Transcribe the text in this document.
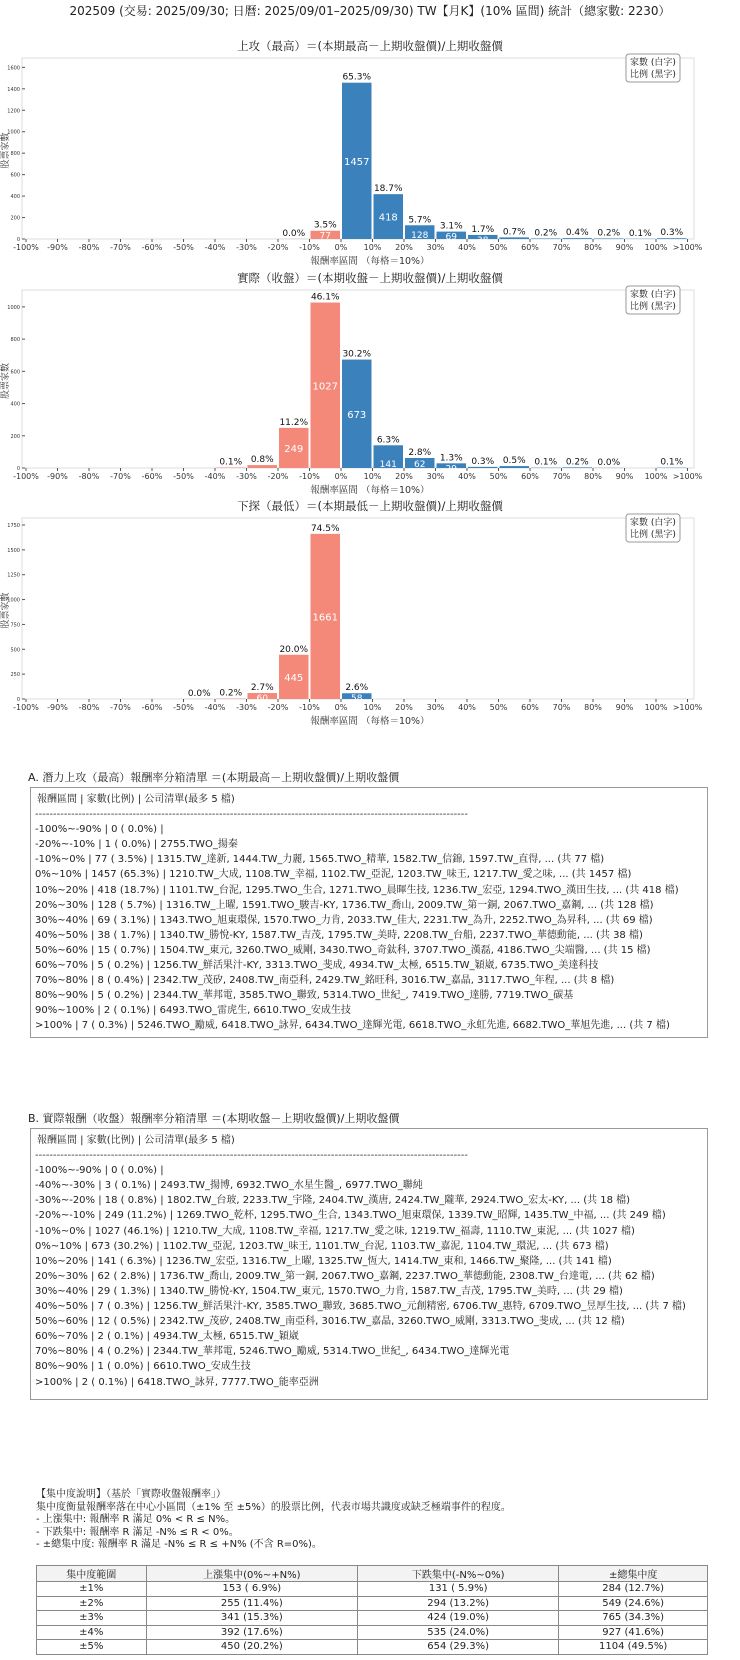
202509 (交易: 2025/09/30; 日曆: 2025/09/01–2025/09/30) TW【月K】(10% 區間) 統計（總家數: 2230）
上攻（最高）＝(本期最高－上期收盤價)/上期收盤價
0
200
400
600
800
1000
1200
1400
1600
股票家數
0.0%
3.5%
77
65.3%
1457
18.7%
418 5.7%
128
3.1%
69
1.7%
38
0.7% 0.2% 0.4% 0.2% 0.1% 0.3%
-100% -90% -80% -70% -60% -50% -40% -30% -20% -10% 0% 10% 20% 30% 40% 50% 60% 70% 80% 90% 100% >100%
報酬率區間 （每格＝10%）
家數 (白字)
比例 (黑字)
實際（收盤）＝(本期收盤－上期收盤價)/上期收盤價
0
200
400
600
800
1000
股票家數
0.1% 0.8%
11.2%
249
46.1%
1027
30.2%
673
6.3%
141
2.8%
62
1.3%
29
0.3% 0.5% 0.1% 0.2% 0.0%	0.1%
-100% -90% -80% -70% -60% -50% -40% -30% -20% -10% 0% 10% 20% 30% 40% 50% 60% 70% 80% 90% 100% >100%
報酬率區間 （每格＝10%）
家數 (白字)
比例 (黑字)
下探（最低）＝(本期最低－上期收盤價)/上期收盤價
0
250
500
750
1000
1250
1500
1750
股票家數
0.0% 0.2%
2.7%
60
20.0%
445
74.5%
1661
2.6%
58
-100% -90% -80% -70% -60% -50% -40% -30% -20% -10% 0% 10% 20% 30% 40% 50% 60% 70% 80% 90% 100% >100%
報酬率區間 （每格＝10%）
家數 (白字)
比例 (黑字)
A. 潛力上攻（最高）報酬率分箱清單 ＝(本期最高－上期收盤價)/上期收盤價
報酬區間 | 家數(比例) | 公司清單(最多 5 檔)
------------------------------------------------------------------------------------------------------------------------
-100%~-90% | 0 ( 0.0%) |
-20%~-10% | 1 ( 0.0%) | 2755.TWO_揚秦
-10%~0% | 77 ( 3.5%) | 1315.TW_達新, 1444.TW_力麗, 1565.TWO_精華, 1582.TW_信錦, 1597.TW_直得, ... (共 77 檔)
0%~10% | 1457 (65.3%) | 1210.TW_大成, 1108.TW_幸福, 1102.TW_亞泥, 1203.TW_味王, 1217.TW_愛之味, ... (共 1457 檔)
10%~20% | 418 (18.7%) | 1101.TW_台泥, 1295.TWO_生合, 1271.TWO_晨暉生技, 1236.TW_宏亞, 1294.TWO_漢田生技, ... (共 418 檔)
20%~30% | 128 ( 5.7%) | 1316.TW_上曜, 1591.TWO_駿吉-KY, 1736.TW_喬山, 2009.TW_第一銅, 2067.TWO_嘉鋼, ... (共 128 檔)
30%~40% | 69 ( 3.1%) | 1343.TWO_旭東環保, 1570.TWO_力肯, 2033.TW_佳大, 2231.TW_為升, 2252.TWO_為昇科, ... (共 69 檔)
40%~50% | 38 ( 1.7%) | 1340.TW_勝悅-KY, 1587.TW_吉茂, 1795.TW_美時, 2208.TW_台船, 2237.TWO_華德動能, ... (共 38 檔)
50%~60% | 15 ( 0.7%) | 1504.TW_東元, 3260.TWO_威剛, 3430.TWO_奇鈦科, 3707.TWO_漢磊, 4186.TWO_尖端醫, ... (共 15 檔)
60%~70% | 5 ( 0.2%) | 1256.TW_鮮活果汁-KY, 3313.TWO_斐成, 4934.TW_太極, 6515.TW_穎崴, 6735.TWO_美達科技
70%~80% | 8 ( 0.4%) | 2342.TW_茂矽, 2408.TW_南亞科, 2429.TW_銘旺科, 3016.TW_嘉晶, 3117.TWO_年程, ... (共 8 檔)
80%~90% | 5 ( 0.2%) | 2344.TW_華邦電, 3585.TWO_聯致, 5314.TWO_世紀_, 7419.TWO_達勝, 7719.TWO_碳基
90%~100% | 2 ( 0.1%) | 6493.TWO_雷虎生, 6610.TWO_安成生技
>100% | 7 ( 0.3%) | 5246.TWO_勵威, 6418.TWO_詠昇, 6434.TWO_達輝光電, 6618.TWO_永虹先進, 6682.TWO_華旭先進, ... (共 7 檔)
B. 實際報酬（收盤）報酬率分箱清單 ＝(本期收盤－上期收盤價)/上期收盤價
報酬區間 | 家數(比例) | 公司清單(最多 5 檔)
------------------------------------------------------------------------------------------------------------------------
-100%~-90% | 0 ( 0.0%) |
-40%~-30% | 3 ( 0.1%) | 2493.TW_揚博, 6932.TWO_水星生醫_, 6977.TWO_聯純
-30%~-20% | 18 ( 0.8%) | 1802.TW_台玻, 2233.TW_宇隆, 2404.TW_漢唐, 2424.TW_隴華, 2924.TWO_宏太-KY, ... (共 18 檔)
-20%~-10% | 249 (11.2%) | 1269.TWO_乾杯, 1295.TWO_生合, 1343.TWO_旭東環保, 1339.TW_昭輝, 1435.TW_中福, ... (共 249 檔)
-10%~0% | 1027 (46.1%) | 1210.TW_大成, 1108.TW_幸福, 1217.TW_愛之味, 1219.TW_福壽, 1110.TW_東泥, ... (共 1027 檔)
0%~10% | 673 (30.2%) | 1102.TW_亞泥, 1203.TW_味王, 1101.TW_台泥, 1103.TW_嘉泥, 1104.TW_環泥, ... (共 673 檔)
10%~20% | 141 ( 6.3%) | 1236.TW_宏亞, 1316.TW_上曜, 1325.TW_恆大, 1414.TW_東和, 1466.TW_聚隆, ... (共 141 檔)
20%~30% | 62 ( 2.8%) | 1736.TW_喬山, 2009.TW_第一銅, 2067.TWO_嘉鋼, 2237.TWO_華德動能, 2308.TW_台達電, ... (共 62 檔)
30%~40% | 29 ( 1.3%) | 1340.TW_勝悅-KY, 1504.TW_東元, 1570.TWO_力肯, 1587.TW_吉茂, 1795.TW_美時, ... (共 29 檔)
40%~50% | 7 ( 0.3%) | 1256.TW_鮮活果汁-KY, 3585.TWO_聯致, 3685.TWO_元創精密, 6706.TW_惠特, 6709.TWO_昱厚生技, ... (共 7 檔)
50%~60% | 12 ( 0.5%) | 2342.TW_茂矽, 2408.TW_南亞科, 3016.TW_嘉晶, 3260.TWO_威剛, 3313.TWO_斐成, ... (共 12 檔)
60%~70% | 2 ( 0.1%) | 4934.TW_太極, 6515.TW_穎崴
70%~80% | 4 ( 0.2%) | 2344.TW_華邦電, 5246.TWO_勵威, 5314.TWO_世紀_, 6434.TWO_達輝光電
80%~90% | 1 ( 0.0%) | 6610.TWO_安成生技
>100% | 2 ( 0.1%) | 6418.TWO_詠昇, 7777.TWO_能率亞洲
【集中度說明】（基於「實際收盤報酬率」）
集中度衡量報酬率落在中心小區間（±1% 至 ±5%）的股票比例，代表市場共識度或缺乏極端事件的程度。
- 上漲集中: 報酬率 R 滿足 0% < R ≤ N%。
- 下跌集中: 報酬率 R 滿足 -N% ≤ R < 0%。
- ±總集中度: 報酬率 R 滿足 -N% ≤ R ≤ +N% (不含 R=0%)。
集中度範圍	上漲集中(0%~+N%)	下跌集中(-N%~0%)	±總集中度
±1%	153 ( 6.9%)	131 ( 5.9%)	284 (12.7%)
±2%	255 (11.4%)	294 (13.2%)	549 (24.6%)
±3%	341 (15.3%)	424 (19.0%)	765 (34.3%)
±4%	392 (17.6%)	535 (24.0%)	927 (41.6%)
±5%	450 (20.2%)	654 (29.3%)	1104 (49.5%)
